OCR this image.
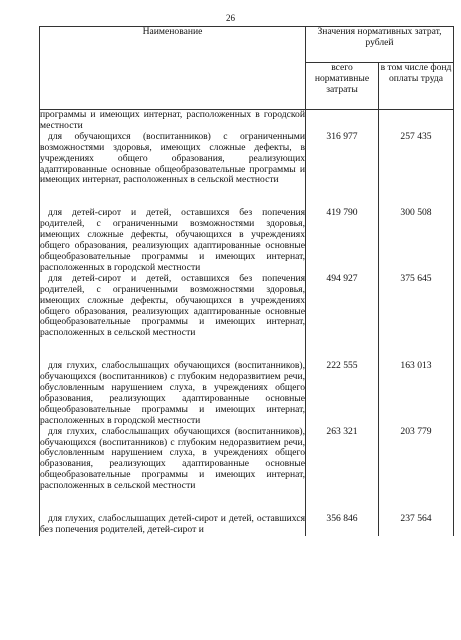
26
Наименование	Значения нормативных затрат, рублей	
	всего нормативные затраты	в том числе фонд оплаты труда

программы и имеющих интернат, расположенных в городской местности		

для обучающихся (воспитанников) с ограниченными возможностями здоровья, имеющих сложные дефекты, в учреждениях общего образования, реализующих адаптированные основные общеобразовательные программы и имеющих интернат, расположенных в сельской местности	316 977	257 435

для детей-сирот и детей, оставшихся без попечения родителей, с ограниченными возможностями здоровья, имеющих сложные дефекты, обучающихся в учреждениях общего образования, реализующих адаптированные основные общеобразовательные программы и имеющих интернат, расположенных в городской местности	419 790	300 508

для детей-сирот и детей, оставшихся без попечения родителей, с ограниченными возможностями здоровья, имеющих сложные дефекты, обучающихся в учреждениях общего образования, реализующих адаптированные основные общеобразовательные программы и имеющих интернат, расположенных в сельской местности	494 927	375 645

для глухих, слабослышащих обучающихся (воспитанников), обучающихся (воспитанников) с глубоким недоразвитием речи, обусловленным нарушением слуха, в учреждениях общего образования, реализующих адаптированные основные общеобразовательные программы и имеющих интернат, расположенных в городской местности	222 555	163 013

для глухих, слабослышащих обучающихся (воспитанников), обучающихся (воспитанников) с глубоким недоразвитием речи, обусловленным нарушением слуха, в учреждениях общего образования, реализующих адаптированные основные общеобразовательные программы и имеющих интернат, расположенных в сельской местности	263 321	203 779

для глухих, слабослышащих детей-сирот и детей, оставшихся без попечения родителей, детей-сирот и	356 846	237 564
